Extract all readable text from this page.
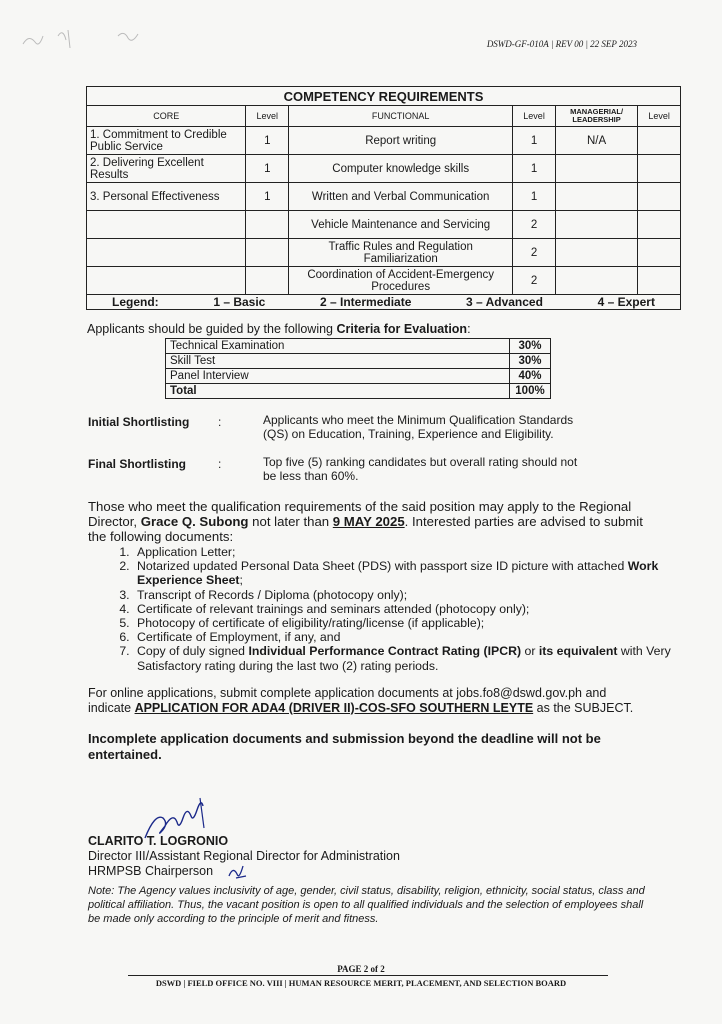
DSWD-GF-010A | REV 00 | 22 SEP 2023
COMPETENCY REQUIREMENTS					
CORE	Level	FUNCTIONAL	Level	MANAGERIAL/ LEADERSHIP	Level
1. Commitment to Credible Public Service	1	Report writing	1	N/A	
2. Delivering Excellent Results	1	Computer knowledge skills	1		
3. Personal Effectiveness	1	Written and Verbal Communication	1		
		Vehicle Maintenance and Servicing	2		
		Traffic Rules and Regulation Familiarization	2		
		Coordination of Accident-Emergency Procedures	2		

Legend: 1 – Basic 2 – Intermediate 3 – Advanced 4 – Expert					
Applicants should be guided by the following Criteria for Evaluation:
Technical Examination	30%
Skill Test	30%
Panel Interview	40%
Total	100%
Initial Shortlisting :	Applicants who meet the Minimum Qualification Standards (QS) on Education, Training, Experience and Eligibility.
Final Shortlisting	:	Top five (5) ranking candidates but overall rating should not be less than 60%.
Those who meet the qualification requirements of the said position may apply to the Regional Director, Grace Q. Subong not later than 9 MAY 2025. Interested parties are advised to submit the following documents:
1. Application Letter;
2. Notarized updated Personal Data Sheet (PDS) with passport size ID picture with attached Work Experience Sheet;
3. Transcript of Records / Diploma (photocopy only);
4. Certificate of relevant trainings and seminars attended (photocopy only);
5. Photocopy of certificate of eligibility/rating/license (if applicable);
6. Certificate of Employment, if any, and
7. Copy of duly signed Individual Performance Contract Rating (IPCR) or its equivalent with Very Satisfactory rating during the last two (2) rating periods.
For online applications, submit complete application documents at jobs.fo8@dswd.gov.ph and indicate APPLICATION FOR ADA4 (DRIVER II)-COS-SFO SOUTHERN LEYTE as the SUBJECT.
Incomplete application documents and submission beyond the deadline will not be entertained.
CLARITO T. LOGRONIO
Director III/Assistant Regional Director for Administration
HRMPSB Chairperson
Note: The Agency values inclusivity of age, gender, civil status, disability, religion, ethnicity, social status, class and political affiliation. Thus, the vacant position is open to all qualified individuals and the selection of employees shall be made only according to the principle of merit and fitness.
PAGE 2 of 2
DSWD | FIELD OFFICE NO. VIII | HUMAN RESOURCE MERIT, PLACEMENT, AND SELECTION BOARD
